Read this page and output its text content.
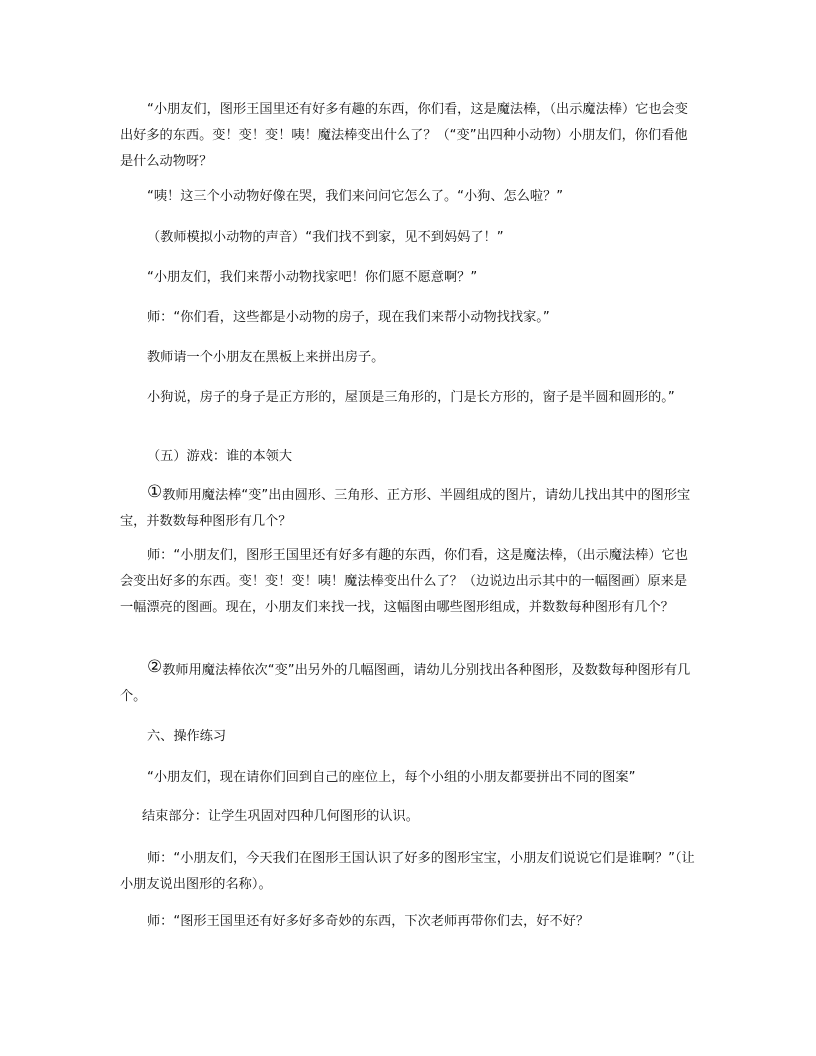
“小朋友们，图形王国里还有好多有趣的东西，你们看，这是魔法棒，（出示魔法棒）它也会变出好多的东西。变！变！变！咦！魔法棒变出什么了？（“变”出四种小动物）小朋友们，你们看他是什么动物呀？

“咦！这三个小动物好像在哭，我们来问问它怎么了。“小狗、怎么啦？”

（教师模拟小动物的声音）“我们找不到家，见不到妈妈了！”

“小朋友们，我们来帮小动物找家吧！你们愿不愿意啊？”

师：“你们看，这些都是小动物的房子，现在我们来帮小动物找找家。”

教师请一个小朋友在黑板上来拼出房子。

小狗说，房子的身子是正方形的，屋顶是三角形的，门是长方形的，窗子是半圆和圆形的。”

（五）游戏：谁的本领大

①教师用魔法棒“变”出由圆形、三角形、正方形、半圆组成的图片，请幼儿找出其中的图形宝宝，并数数每种图形有几个？

师：“小朋友们，图形王国里还有好多有趣的东西，你们看，这是魔法棒，（出示魔法棒）它也会变出好多的东西。变！变！变！咦！魔法棒变出什么了？（边说边出示其中的一幅图画）原来是一幅漂亮的图画。现在，小朋友们来找一找，这幅图由哪些图形组成，并数数每种图形有几个？

②教师用魔法棒依次“变”出另外的几幅图画，请幼儿分别找出各种图形，及数数每种图形有几个。

六、操作练习

“小朋友们，现在请你们回到自己的座位上，每个小组的小朋友都要拼出不同的图案”

结束部分：让学生巩固对四种几何图形的认识。

师：“小朋友们，今天我们在图形王国认识了好多的图形宝宝，小朋友们说说它们是谁啊？”（让小朋友说出图形的名称）。

师：“图形王国里还有好多好多奇妙的东西，下次老师再带你们去，好不好？
